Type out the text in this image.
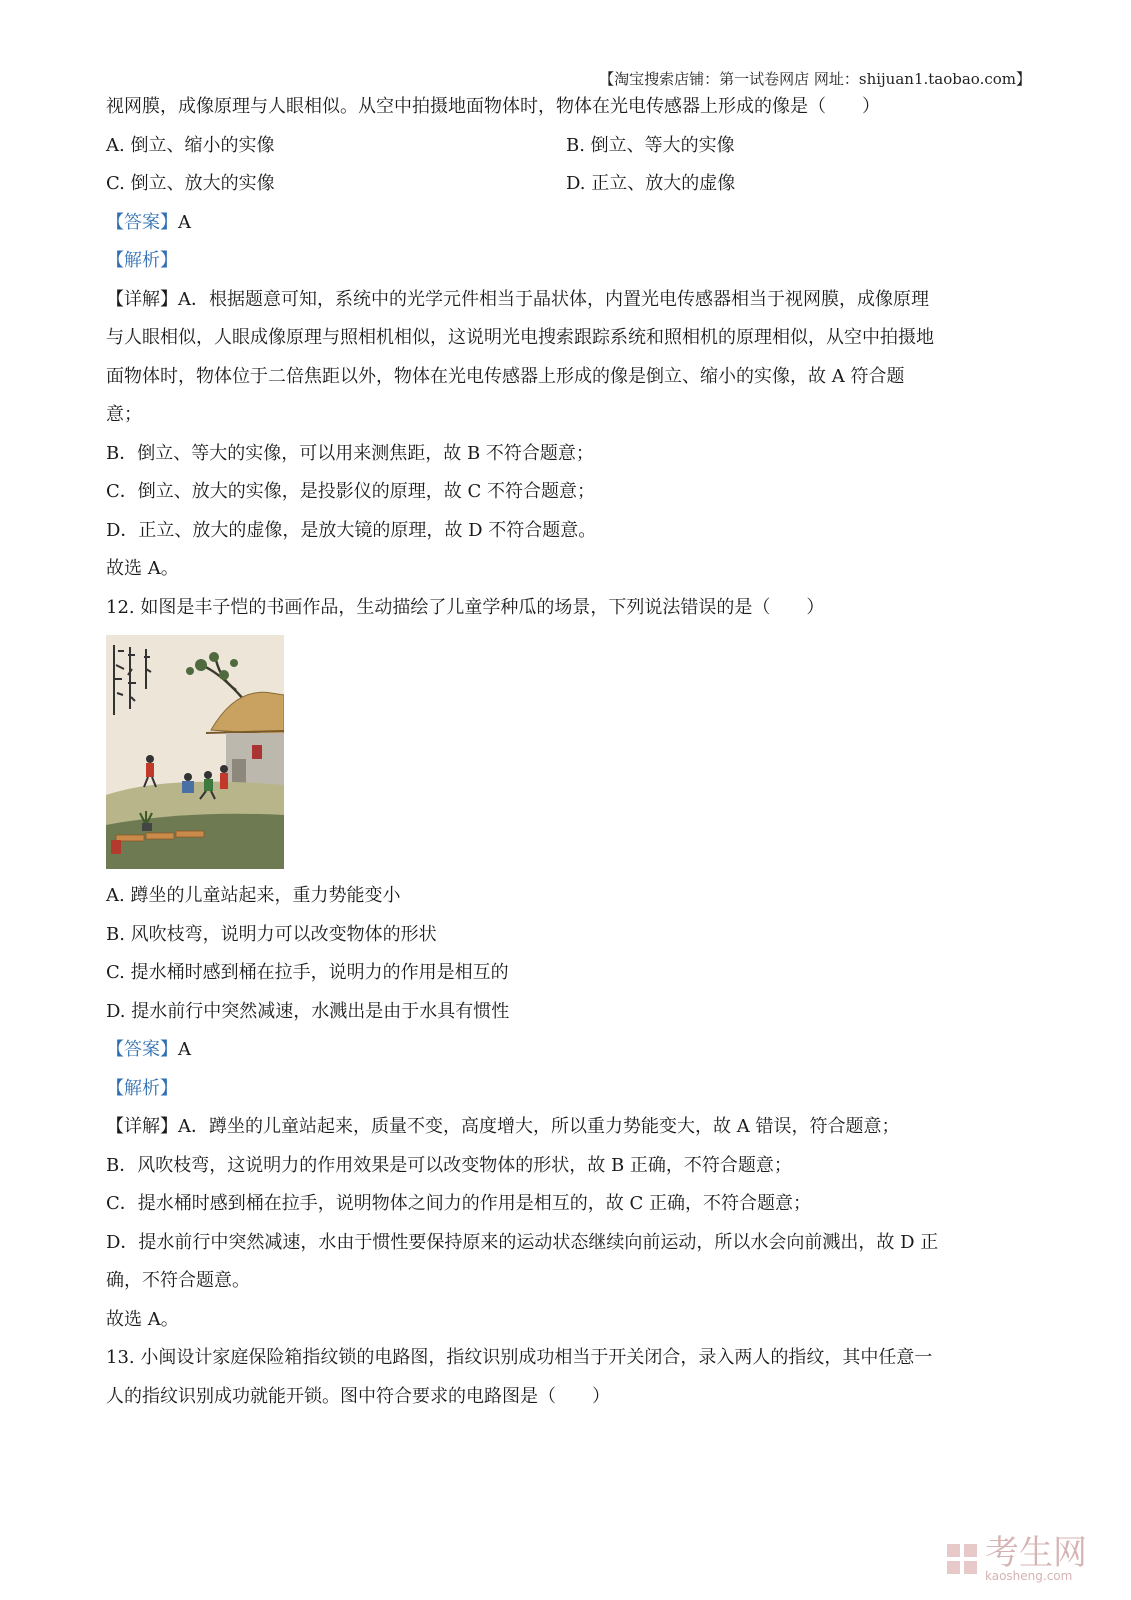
【淘宝搜索店铺：第一试卷网店 网址：shijuan1.taobao.com】
视网膜，成像原理与人眼相似。从空中拍摄地面物体时，物体在光电传感器上形成的像是（　　）
A. 倒立、缩小的实像	B. 倒立、等大的实像
C. 倒立、放大的实像	D. 正立、放大的虚像
【答案】A
【解析】
【详解】A．根据题意可知，系统中的光学元件相当于晶状体，内置光电传感器相当于视网膜，成像原理
与人眼相似，人眼成像原理与照相机相似，这说明光电搜索跟踪系统和照相机的原理相似，从空中拍摄地
面物体时，物体位于二倍焦距以外，物体在光电传感器上形成的像是倒立、缩小的实像，故 A 符合题
意；
B．倒立、等大的实像，可以用来测焦距，故 B 不符合题意；
C．倒立、放大的实像，是投影仪的原理，故 C 不符合题意；
D．正立、放大的虚像，是放大镜的原理，故 D 不符合题意。
故选 A。
12. 如图是丰子恺的书画作品，生动描绘了儿童学种瓜的场景，下列说法错误的是（　　）
A. 蹲坐的儿童站起来，重力势能变小
B. 风吹枝弯，说明力可以改变物体的形状
C. 提水桶时感到桶在拉手，说明力的作用是相互的
D. 提水前行中突然减速，水溅出是由于水具有惯性
【答案】A
【解析】
【详解】A．蹲坐的儿童站起来，质量不变，高度增大，所以重力势能变大，故 A 错误，符合题意；
B．风吹枝弯，这说明力的作用效果是可以改变物体的形状，故 B 正确，不符合题意；
C．提水桶时感到桶在拉手，说明物体之间力的作用是相互的，故 C 正确，不符合题意；
D．提水前行中突然减速，水由于惯性要保持原来的运动状态继续向前运动，所以水会向前溅出，故 D 正
确，不符合题意。
故选 A。
13. 小闽设计家庭保险箱指纹锁的电路图，指纹识别成功相当于开关闭合，录入两人的指纹，其中任意一
人的指纹识别成功就能开锁。图中符合要求的电路图是（　　）
考生网
kaosheng.com
